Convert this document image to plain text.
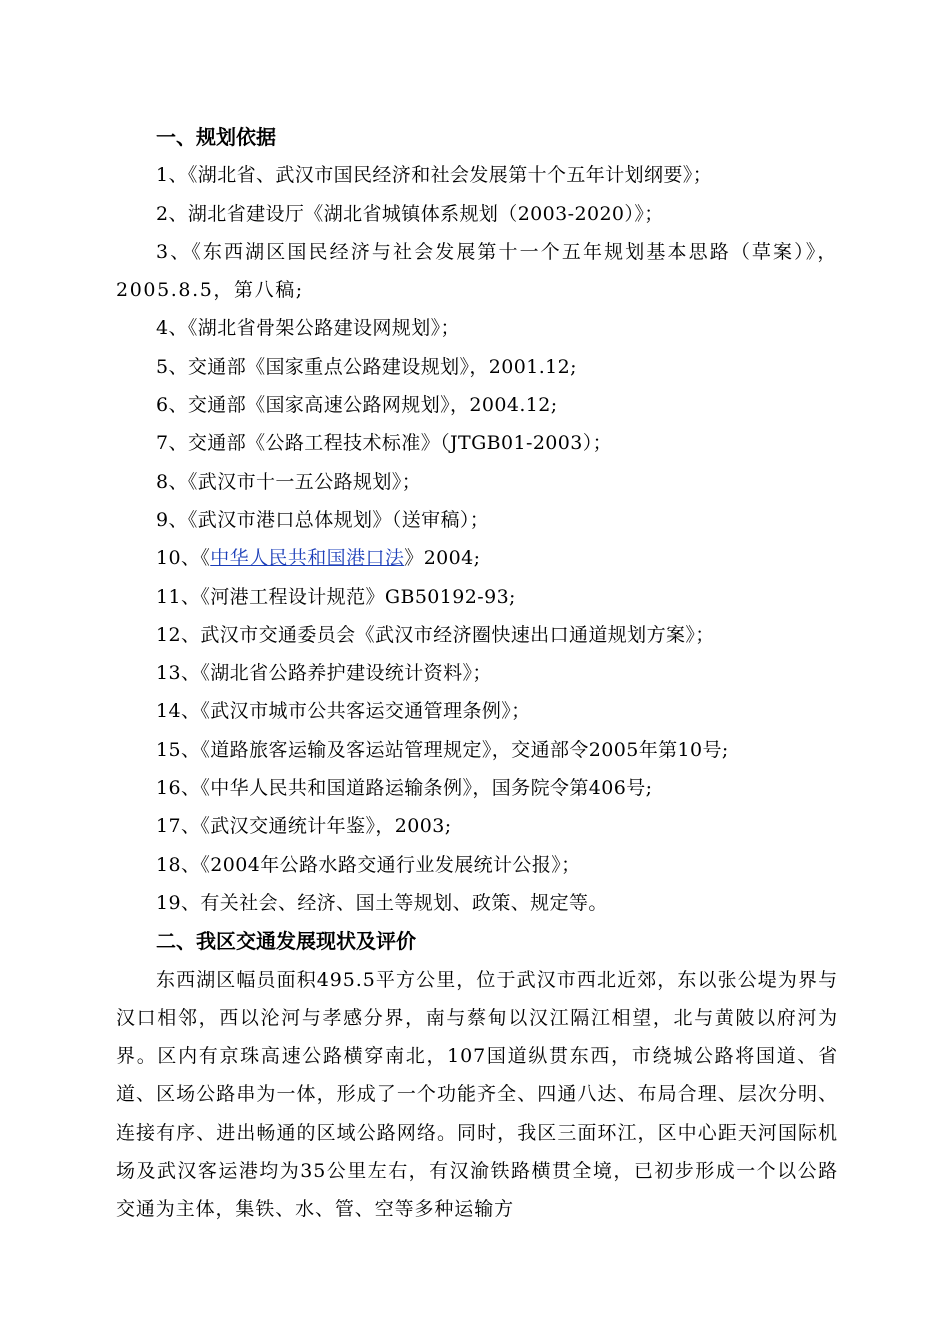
一、规划依据
1、《湖北省、武汉市国民经济和社会发展第十个五年计划纲要》；
2、湖北省建设厅《湖北省城镇体系规划（2003-2020）》；
3、《东西湖区国民经济与社会发展第十一个五年规划基本思路（草案）》，2005.8.5，第八稿;
4、《湖北省骨架公路建设网规划》；
5、交通部《国家重点公路建设规划》，2001.12;
6、交通部《国家高速公路网规划》，2004.12;
7、交通部《公路工程技术标准》（JTGB01-2003）；
8、《武汉市十一五公路规划》；
9、《武汉市港口总体规划》（送审稿）；
10、《中华人民共和国港口法》2004;
11、《河港工程设计规范》GB50192-93;
12、武汉市交通委员会《武汉市经济圈快速出口通道规划方案》；
13、《湖北省公路养护建设统计资料》；
14、《武汉市城市公共客运交通管理条例》；
15、《道路旅客运输及客运站管理规定》，交通部令2005年第10号;
16、《中华人民共和国道路运输条例》，国务院令第406号;
17、《武汉交通统计年鉴》，2003;
18、《2004年公路水路交通行业发展统计公报》；
19、有关社会、经济、国土等规划、政策、规定等。
二、我区交通发展现状及评价
东西湖区幅员面积495.5平方公里，位于武汉市西北近郊，东以张公堤为界与汉口相邻，西以沦河与孝感分界，南与蔡甸以汉江隔江相望，北与黄陂以府河为界。区内有京珠高速公路横穿南北，107国道纵贯东西，市绕城公路将国道、省道、区场公路串为一体，形成了一个功能齐全、四通八达、布局合理、层次分明、连接有序、进出畅通的区域公路网络。同时，我区三面环江，区中心距天河国际机场及武汉客运港均为35公里左右，有汉渝铁路横贯全境，已初步形成一个以公路交通为主体，集铁、水、管、空等多种运输方
